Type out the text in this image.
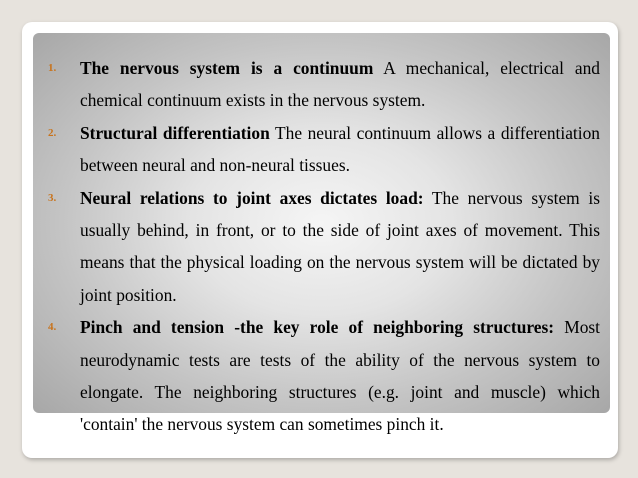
1. The nervous system is a continuum A mechanical, electrical and chemical continuum exists in the nervous system.
2. Structural differentiation The neural continuum allows a differentiation between neural and non-neural tissues.
3. Neural relations to joint axes dictates load: The nervous system is usually behind, in front, or to the side of joint axes of movement. This means that the physical loading on the nervous system will be dictated by joint position.
4. Pinch and tension -the key role of neighboring structures: Most neurodynamic tests are tests of the ability of the nervous system to elongate. The neighboring structures (e.g. joint and muscle) which 'contain' the nervous system can sometimes pinch it.
